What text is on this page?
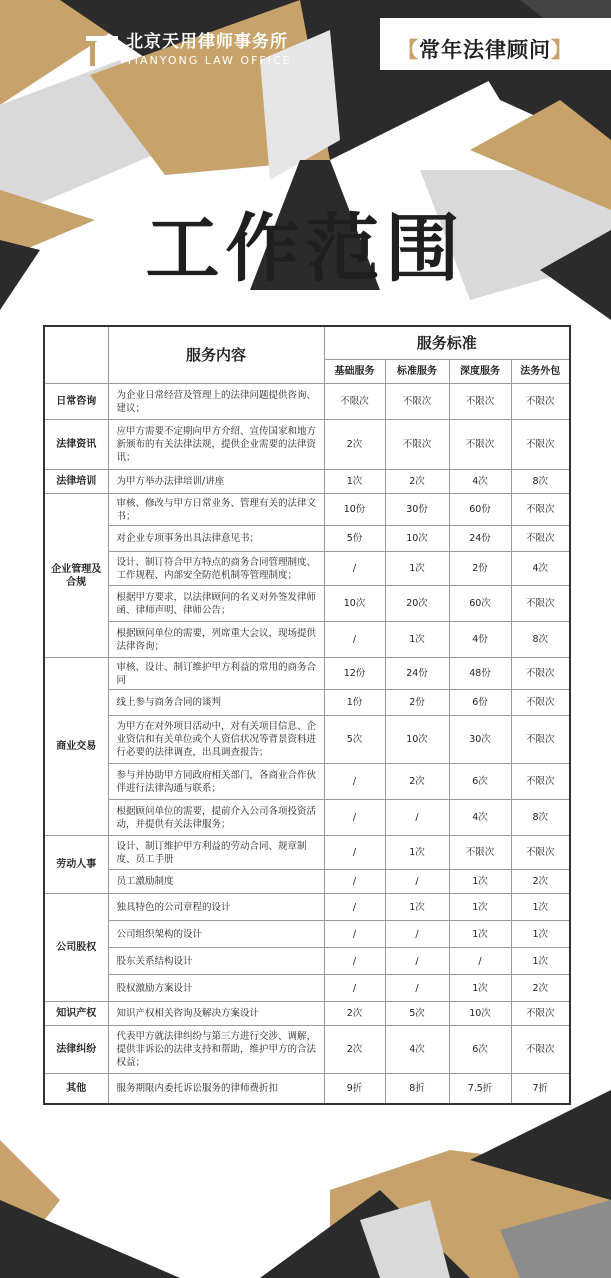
北京天用律师事务所
TIANYONG LAW OFFICE	【常年法律顾问】
工作范围
	服务内容	服务标准			
		基础服务	标准服务	深度服务	法务外包
日常咨询	为企业日常经营及管理上的法律问题提供咨询、建议；	不限次	不限次	不限次	不限次
法律资讯	应甲方需要不定期向甲方介绍、宣传国家和地方新颁布的有关法律法规，提供企业需要的法律资讯；	2次	不限次	不限次	不限次
法律培训	为甲方举办法律培训/讲座	1次	2次	4次	8次
企业管理及合规	审核、修改与甲方日常业务、管理有关的法律文书；	10份	30份	60份	不限次
	对企业专项事务出具法律意见书；	5份	10次	24份	不限次
	设计、制订符合甲方特点的商务合同管理制度、工作规程、内部安全防范机制等管理制度；	/	1次	2份	4次
	根据甲方要求，以法律顾问的名义对外签发律师函、律师声明、律师公告；	10次	20次	60次	不限次
	根据顾问单位的需要，列席重大会议，现场提供法律咨询；	/	1次	4份	8次
商业交易	审核、设计、制订维护甲方利益的常用的商务合同	12份	24份	48份	不限次
	线上参与商务合同的谈判	1份	2份	6份	不限次
	为甲方在对外项目活动中，对有关项目信息、企业资信和有关单位或个人资信状况等背景资料进行必要的法律调查，出具调查报告；	5次	10次	30次	不限次
	参与并协助甲方同政府相关部门，各商业合作伙伴进行法律沟通与联系；	/	2次	6次	不限次
	根据顾问单位的需要，提前介入公司各项投资活动，并提供有关法律服务；	/	/	4次	8次
劳动人事	设计、制订维护甲方利益的劳动合同、规章制度、员工手册	/	1次	不限次	不限次
	员工激励制度	/	/	1次	2次
公司股权	独具特色的公司章程的设计	/	1次	1次	1次
	公司组织架构的设计	/	/	1次	1次
	股东关系结构设计	/	/	/	1次
	股权激励方案设计	/	/	1次	2次
知识产权	知识产权相关咨询及解决方案设计	2次	5次	10次	不限次
法律纠纷	代表甲方就法律纠纷与第三方进行交涉、调解，提供非诉讼的法律支持和帮助，维护甲方的合法权益；	2次	4次	6次	不限次
其他	服务期限内委托诉讼服务的律师费折扣	9折	8折	7.5折	7折
